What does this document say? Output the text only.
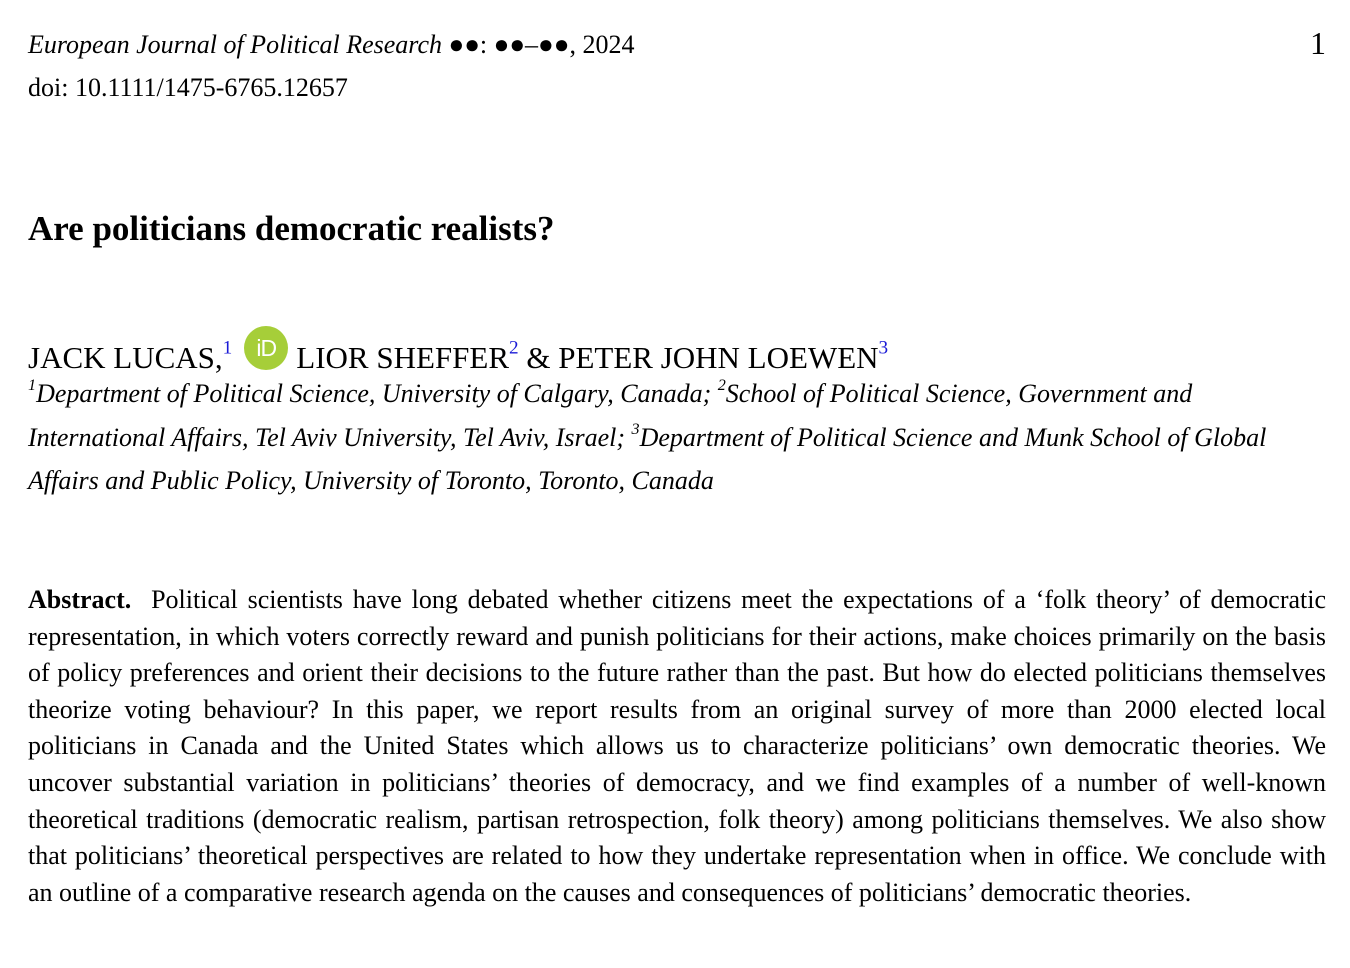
European Journal of Political Research ●●: ●●–●●, 2024
doi: 10.1111/1475-6765.12657
1
Are politicians democratic realists?
JACK LUCAS,$^1$ iD LIOR SHEFFER$^2$ & PETER JOHN LOEWEN$^3$
$^1$Department of Political Science, University of Calgary, Canada; $^2$School of Political Science, Government and International Affairs, Tel Aviv University, Tel Aviv, Israel; $^3$Department of Political Science and Munk School of Global Affairs and Public Policy, University of Toronto, Toronto, Canada

Abstract. Political scientists have long debated whether citizens meet the expectations of a ‘folk theory’ of democratic representation, in which voters correctly reward and punish politicians for their actions, make choices primarily on the basis of policy preferences and orient their decisions to the future rather than the past. But how do elected politicians themselves theorize voting behaviour? In this paper, we report results from an original survey of more than 2000 elected local politicians in Canada and the United States which allows us to characterize politicians’ own democratic theories. We uncover substantial variation in politicians’ theories of democracy, and we find examples of a number of well-known theoretical traditions (democratic realism, partisan retrospection, folk theory) among politicians themselves. We also show that politicians’ theoretical perspectives are related to how they undertake representation when in office. We conclude with an outline of a comparative research agenda on the causes and consequences of politicians’ democratic theories.
